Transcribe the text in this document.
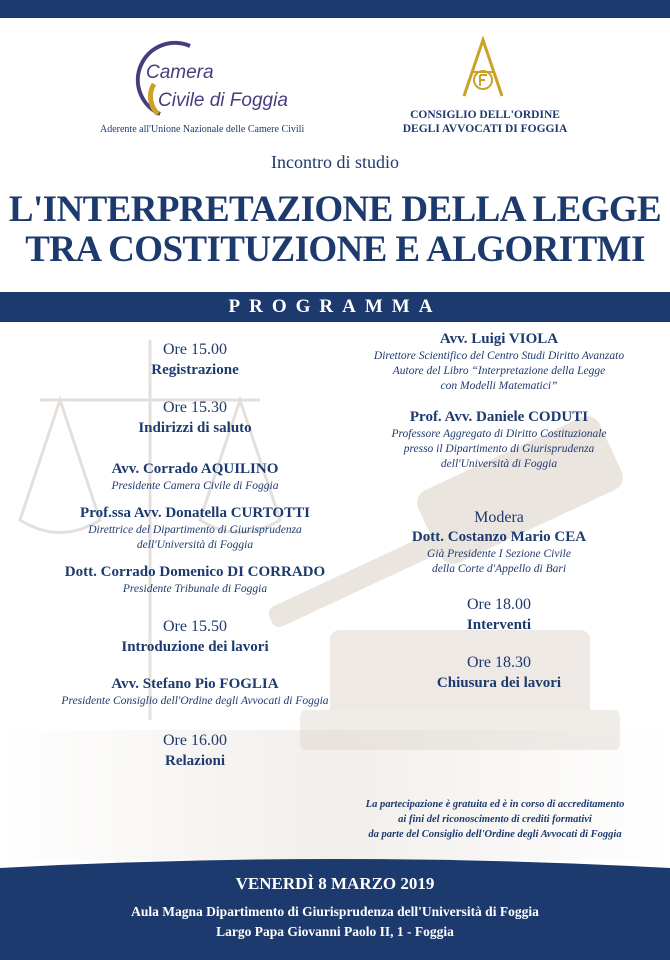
Camera
Civile di Foggia
Aderente all'Unione Nazionale delle Camere Civili
CONSIGLIO DELL'ORDINE
DEGLI AVVOCATI DI FOGGIA
Incontro di studio
L'INTERPRETAZIONE DELLA LEGGE
TRA COSTITUZIONE E ALGORITMI
PROGRAMMA
Ore 15.00
Registrazione
Ore 15.30
Indirizzi di saluto
Avv. Corrado AQUILINO
Presidente Camera Civile di Foggia
Prof.ssa Avv. Donatella CURTOTTI
Direttrice del Dipartimento di Giurisprudenza
dell'Università di Foggia
Dott. Corrado Domenico DI CORRADO
Presidente Tribunale di Foggia
Ore 15.50
Introduzione dei lavori
Avv. Stefano Pio FOGLIA
Presidente Consiglio dell'Ordine degli Avvocati di Foggia
Ore 16.00
Relazioni
Avv. Luigi VIOLA
Direttore Scientifico del Centro Studi Diritto Avanzato
Autore del Libro “Interpretazione della Legge
con Modelli Matematici”
Prof. Avv. Daniele CODUTI
Professore Aggregato di Diritto Costituzionale
presso il Dipartimento di Giurisprudenza
dell'Università di Foggia
Modera
Dott. Costanzo Mario CEA
Già Presidente I Sezione Civile
della Corte d'Appello di Bari
Ore 18.00
Interventi
Ore 18.30
Chiusura dei lavori
La partecipazione è gratuita ed è in corso di accreditamento
ai fini del riconoscimento di crediti formativi
da parte del Consiglio dell'Ordine degli Avvocati di Foggia
VENERDÌ 8 MARZO 2019
Aula Magna Dipartimento di Giurisprudenza dell'Università di Foggia
Largo Papa Giovanni Paolo II, 1 - Foggia
